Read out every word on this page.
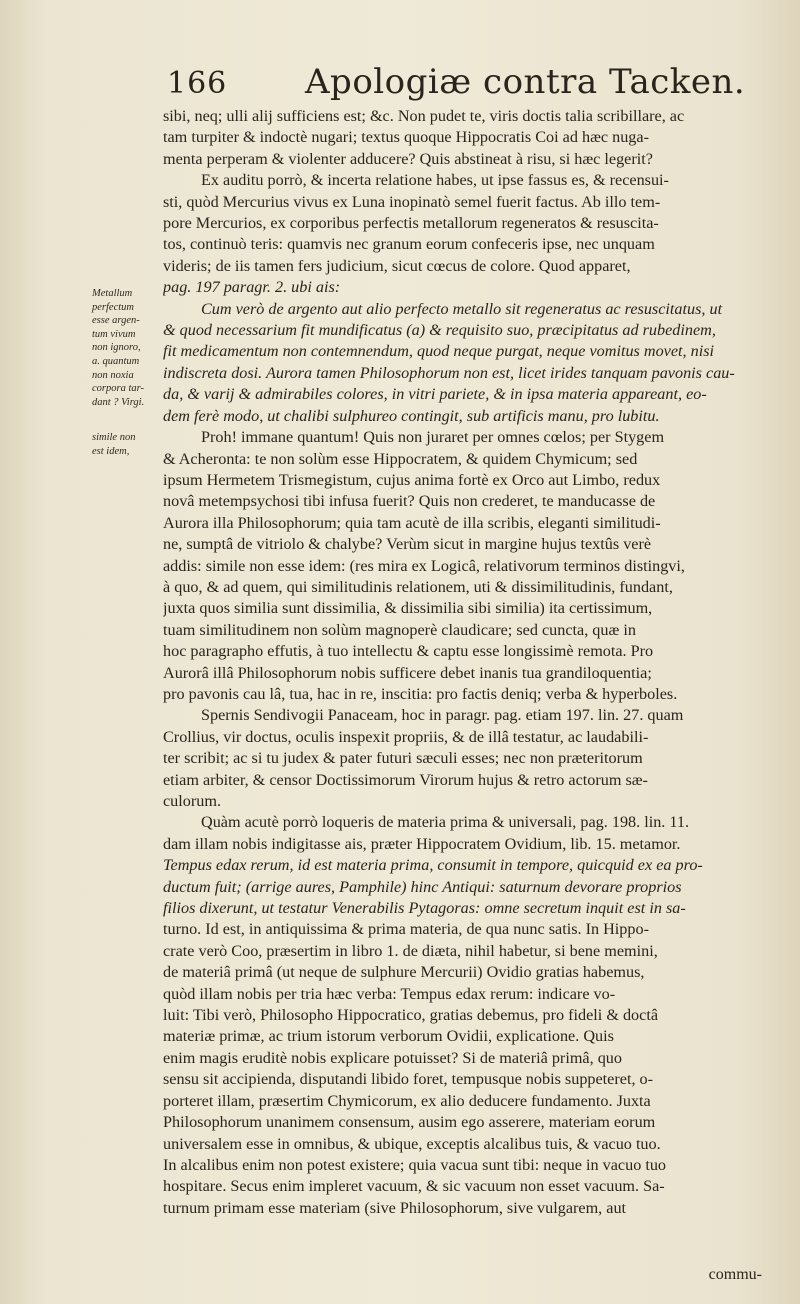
166 Apologiæ contra Tacken.
Metallum
perfectum
esse argen-
tum vivum
non ignoro,
a. quantum
non noxia
corpora tar-
dant ? Virgi.
simile non
est idem,
sibi, neq; ulli alij sufficiens est; &c. Non pudet te, viris doctis talia scribillare, ac
tam turpiter & indoctè nugari; textus quoque Hippocratis Coi ad hæc nuga-
menta perperam & violenter adducere? Quis abstineat à risu, si hæc legerit?
Ex auditu porrò, & incerta relatione habes, ut ipse fassus es, & recensui-
sti, quòd Mercurius vivus ex Luna inopinatò semel fuerit factus. Ab illo tem-
pore Mercurios, ex corporibus perfectis metallorum regeneratos & resuscita-
tos, continuò teris: quamvis nec granum eorum confeceris ipse, nec unquam
videris; de iis tamen fers judicium, sicut cœcus de colore. Quod apparet,
pag. 197 paragr. 2. ubi ais:
Cum verò de argento aut alio perfecto metallo sit regeneratus ac resuscitatus, ut
& quod necessarium fit mundificatus (a) & requisito suo, præcipitatus ad rubedinem,
fit medicamentum non contemnendum, quod neque purgat, neque vomitus movet, nisi
indiscreta dosi. Aurora tamen Philosophorum non est, licet irides tanquam pavonis cau-
da, & varij & admirabiles colores, in vitri pariete, & in ipsa materia appareant, eo-
dem ferè modo, ut chalibi sulphureo contingit, sub artificis manu, pro lubitu.
Proh! immane quantum! Quis non juraret per omnes cœlos; per Stygem
& Acheronta: te non solùm esse Hippocratem, & quidem Chymicum; sed
ipsum Hermetem Trismegistum, cujus anima fortè ex Orco aut Limbo, redux
novâ metempsychosi tibi infusa fuerit? Quis non crederet, te manducasse de
Aurora illa Philosophorum; quia tam acutè de illa scribis, eleganti similitudi-
ne, sumptâ de vitriolo & chalybe? Verùm sicut in margine hujus textûs verè
addis: simile non esse idem: (res mira ex Logicâ, relativorum terminos distingvi,
à quo, & ad quem, qui similitudinis relationem, uti & dissimilitudinis, fundant,
juxta quos similia sunt dissimilia, & dissimilia sibi similia) ita certissimum,
tuam similitudinem non solùm magnoperè claudicare; sed cuncta, quæ in
hoc paragrapho effutis, à tuo intellectu & captu esse longissimè remota. Pro
Aurorâ illâ Philosophorum nobis sufficere debet inanis tua grandiloquentia;
pro pavonis cau lâ, tua, hac in re, inscitia: pro factis deniq; verba & hyperboles.
Spernis Sendivogii Panaceam, hoc in paragr. pag. etiam 197. lin. 27. quam
Crollius, vir doctus, oculis inspexit propriis, & de illâ testatur, ac laudabili-
ter scribit; ac si tu judex & pater futuri sæculi esses; nec non præteritorum
etiam arbiter, & censor Doctissimorum Virorum hujus & retro actorum sæ-
culorum.
Quàm acutè porrò loqueris de materia prima & universali, pag. 198. lin. 11.
dam illam nobis indigitasse ais, præter Hippocratem Ovidium, lib. 15. metamor.
Tempus edax rerum, id est materia prima, consumit in tempore, quicquid ex ea pro-
ductum fuit; (arrige aures, Pamphile) hinc Antiqui: saturnum devorare proprios
filios dixerunt, ut testatur Venerabilis Pytagoras: omne secretum inquit est in sa-
turno. Id est, in antiquissima & prima materia, de qua nunc satis. In Hippo-
crate verò Coo, præsertim in libro 1. de diæta, nihil habetur, si bene memini,
de materiâ primâ (ut neque de sulphure Mercurii) Ovidio gratias habemus,
quòd illam nobis per tria hæc verba: Tempus edax rerum: indicare vo-
luit: Tibi verò, Philosopho Hippocratico, gratias debemus, pro fideli & doctâ
materiæ primæ, ac trium istorum verborum Ovidii, explicatione. Quis
enim magis eruditè nobis explicare potuisset? Si de materiâ primâ, quo
sensu sit accipienda, disputandi libido foret, tempusque nobis suppeteret, o-
porteret illam, præsertim Chymicorum, ex alio deducere fundamento. Juxta
Philosophorum unanimem consensum, ausim ego asserere, materiam eorum
universalem esse in omnibus, & ubique, exceptis alcalibus tuis, & vacuo tuo.
In alcalibus enim non potest existere; quia vacua sunt tibi: neque in vacuo tuo
hospitare. Secus enim impleret vacuum, & sic vacuum non esset vacuum. Sa-
turnum primam esse materiam (sive Philosophorum, sive vulgarem, aut
commu-
